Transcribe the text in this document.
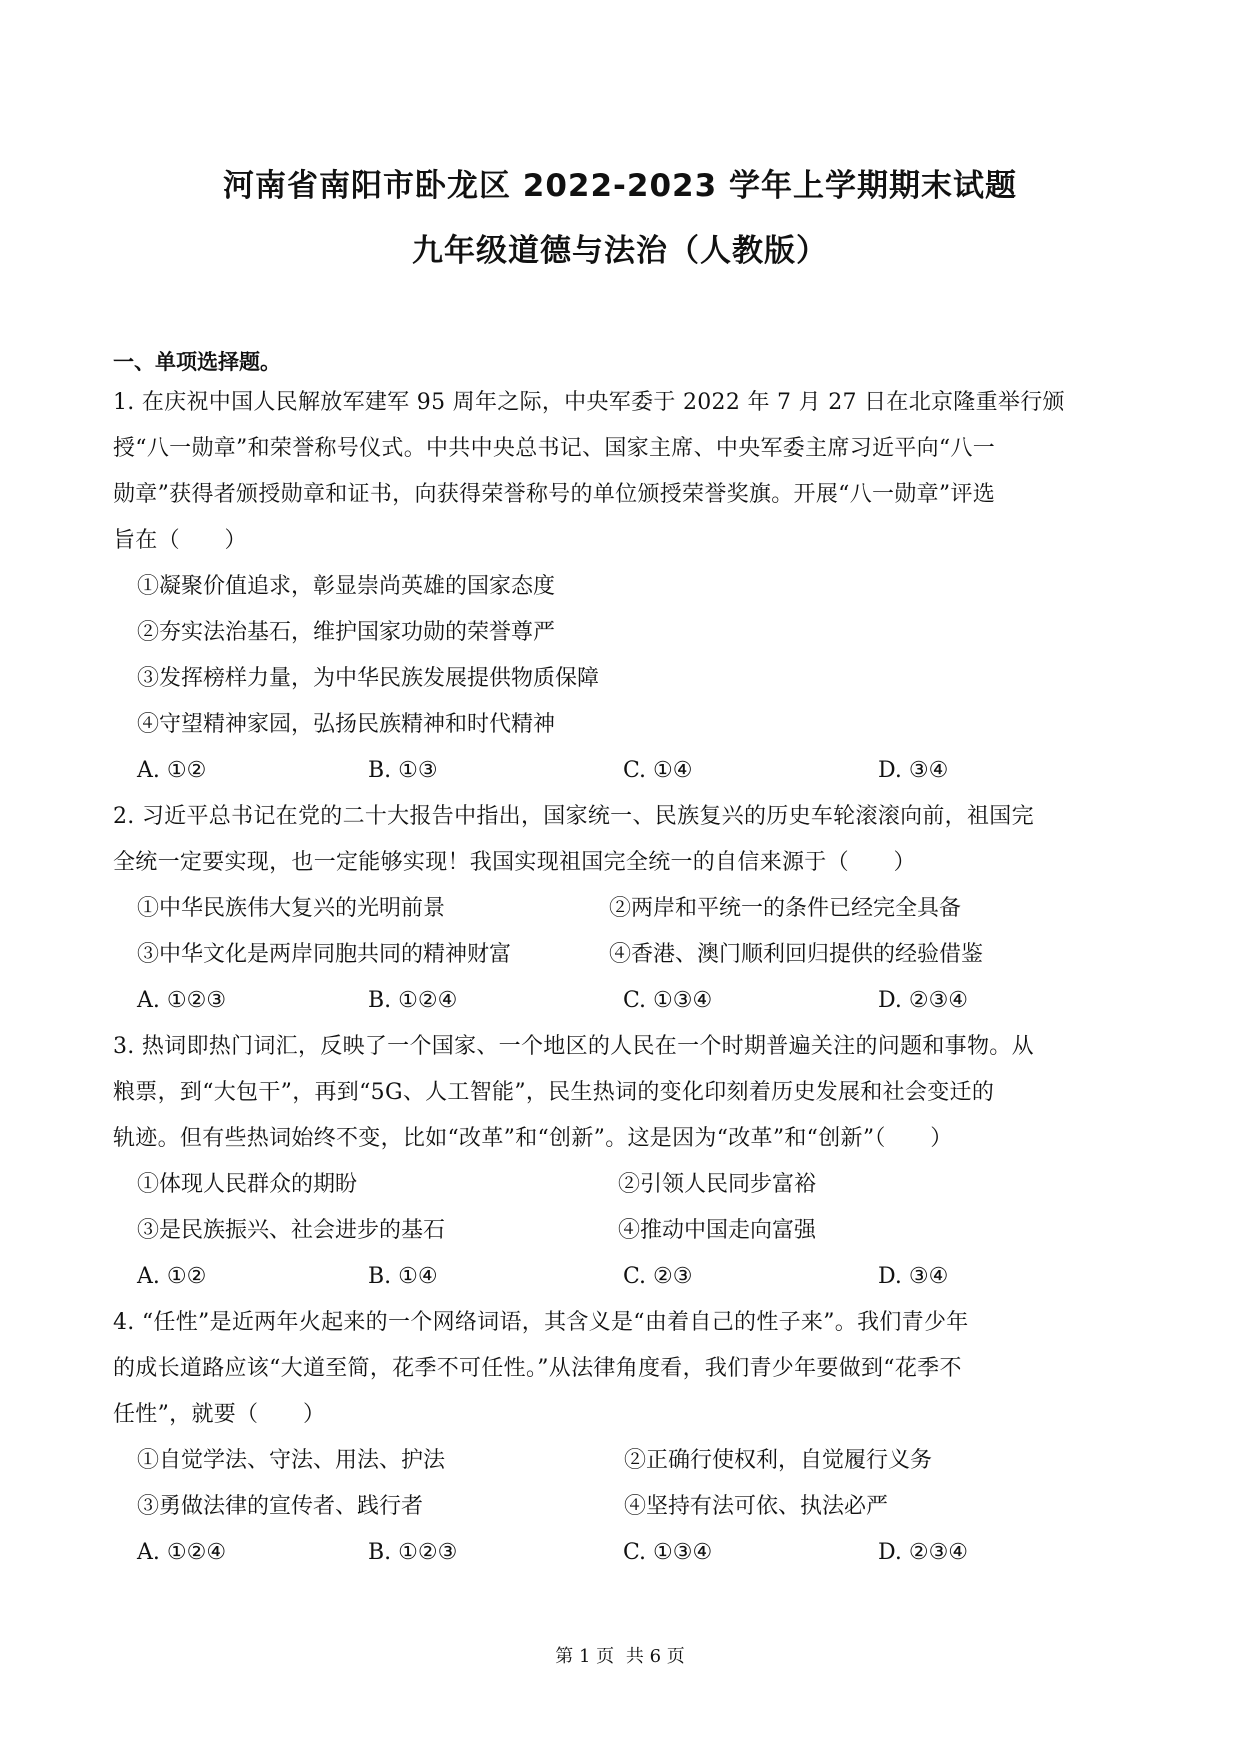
河南省南阳市卧龙区 2022-2023 学年上学期期末试题
九年级道德与法治（人教版）
一、单项选择题。
1. 在庆祝中国人民解放军建军 95 周年之际，中央军委于 2022 年 7 月 27 日在北京隆重举行颁
授“八一勋章”和荣誉称号仪式。中共中央总书记、国家主席、中央军委主席习近平向“八一
勋章”获得者颁授勋章和证书，向获得荣誉称号的单位颁授荣誉奖旗。开展“八一勋章”评选
旨在（　　）
①凝聚价值追求，彰显崇尚英雄的国家态度
②夯实法治基石，维护国家功勋的荣誉尊严
③发挥榜样力量，为中华民族发展提供物质保障
④守望精神家园，弘扬民族精神和时代精神
A. ①②	B. ①③	C. ①④	D. ③④
2. 习近平总书记在党的二十大报告中指出，国家统一、民族复兴的历史车轮滚滚向前，祖国完
全统一定要实现，也一定能够实现！我国实现祖国完全统一的自信来源于（　　）
①中华民族伟大复兴的光明前景	②两岸和平统一的条件已经完全具备
③中华文化是两岸同胞共同的精神财富	④香港、澳门顺利回归提供的经验借鉴
A. ①②③	B. ①②④	C. ①③④	D. ②③④
3. 热词即热门词汇，反映了一个国家、一个地区的人民在一个时期普遍关注的问题和事物。从
粮票，到“大包干”，再到“5G、人工智能”，民生热词的变化印刻着历史发展和社会变迁的
轨迹。但有些热词始终不变，比如“改革”和“创新”。这是因为“改革”和“创新”（　　）
①体现人民群众的期盼	②引领人民同步富裕
③是民族振兴、社会进步的基石	④推动中国走向富强
A. ①②	B. ①④	C. ②③	D. ③④
4. “任性”是近两年火起来的一个网络词语，其含义是“由着自己的性子来”。我们青少年
的成长道路应该“大道至简，花季不可任性。”从法律角度看，我们青少年要做到“花季不
任性”，就要（　　）
①自觉学法、守法、用法、护法	②正确行使权利，自觉履行义务
③勇做法律的宣传者、践行者	④坚持有法可依、执法必严
A. ①②④	B. ①②③	C. ①③④	D. ②③④
第 1 页 共 6 页
